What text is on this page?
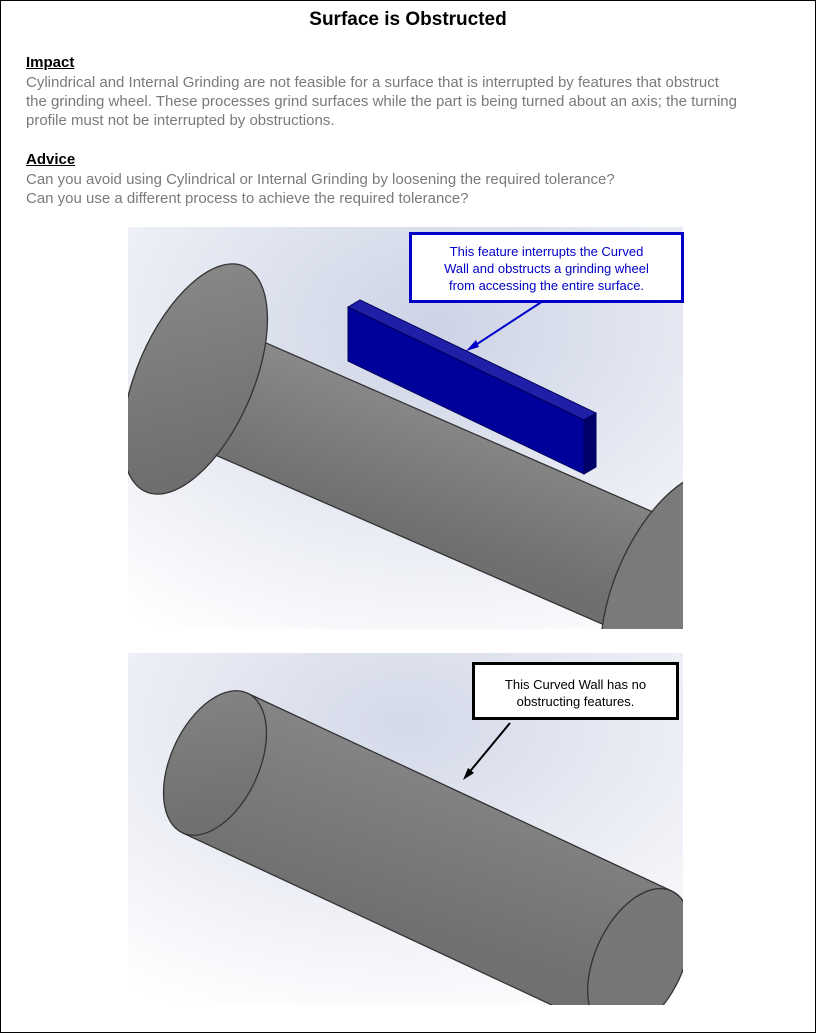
Surface is Obstructed
Impact
Cylindrical and Internal Grinding are not feasible for a surface that is interrupted by features that obstruct
the grinding wheel. These processes grind surfaces while the part is being turned about an axis; the turning
profile must not be interrupted by obstructions.
Advice
Can you avoid using Cylindrical or Internal Grinding by loosening the required tolerance?
Can you use a different process to achieve the required tolerance?
This feature interrupts the Curved
Wall and obstructs a grinding wheel
from accessing the entire surface.
This Curved Wall has no
obstructing features.
